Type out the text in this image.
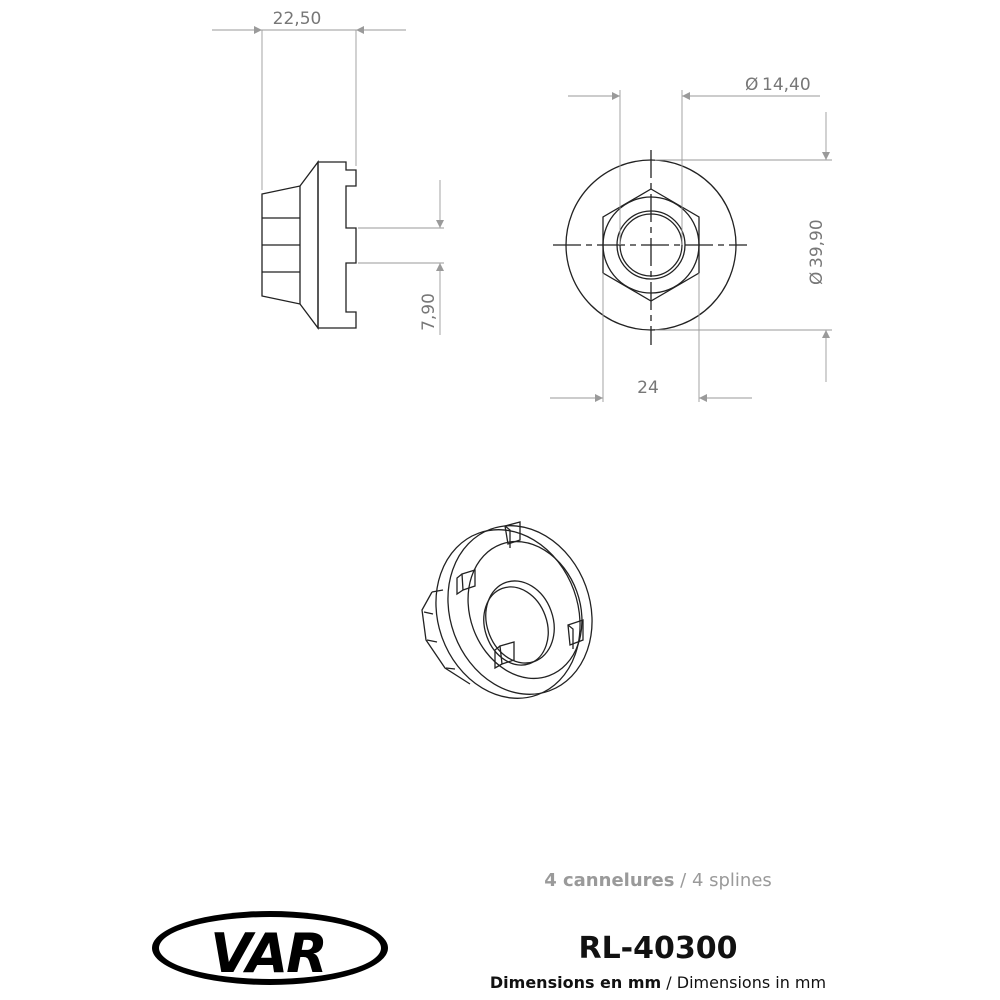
22,50
7,90
Ø 14,40
Ø
39,90
24
4 cannelures / 4 splines
VAR	RL-40300
Dimensions en mm / Dimensions in mm
